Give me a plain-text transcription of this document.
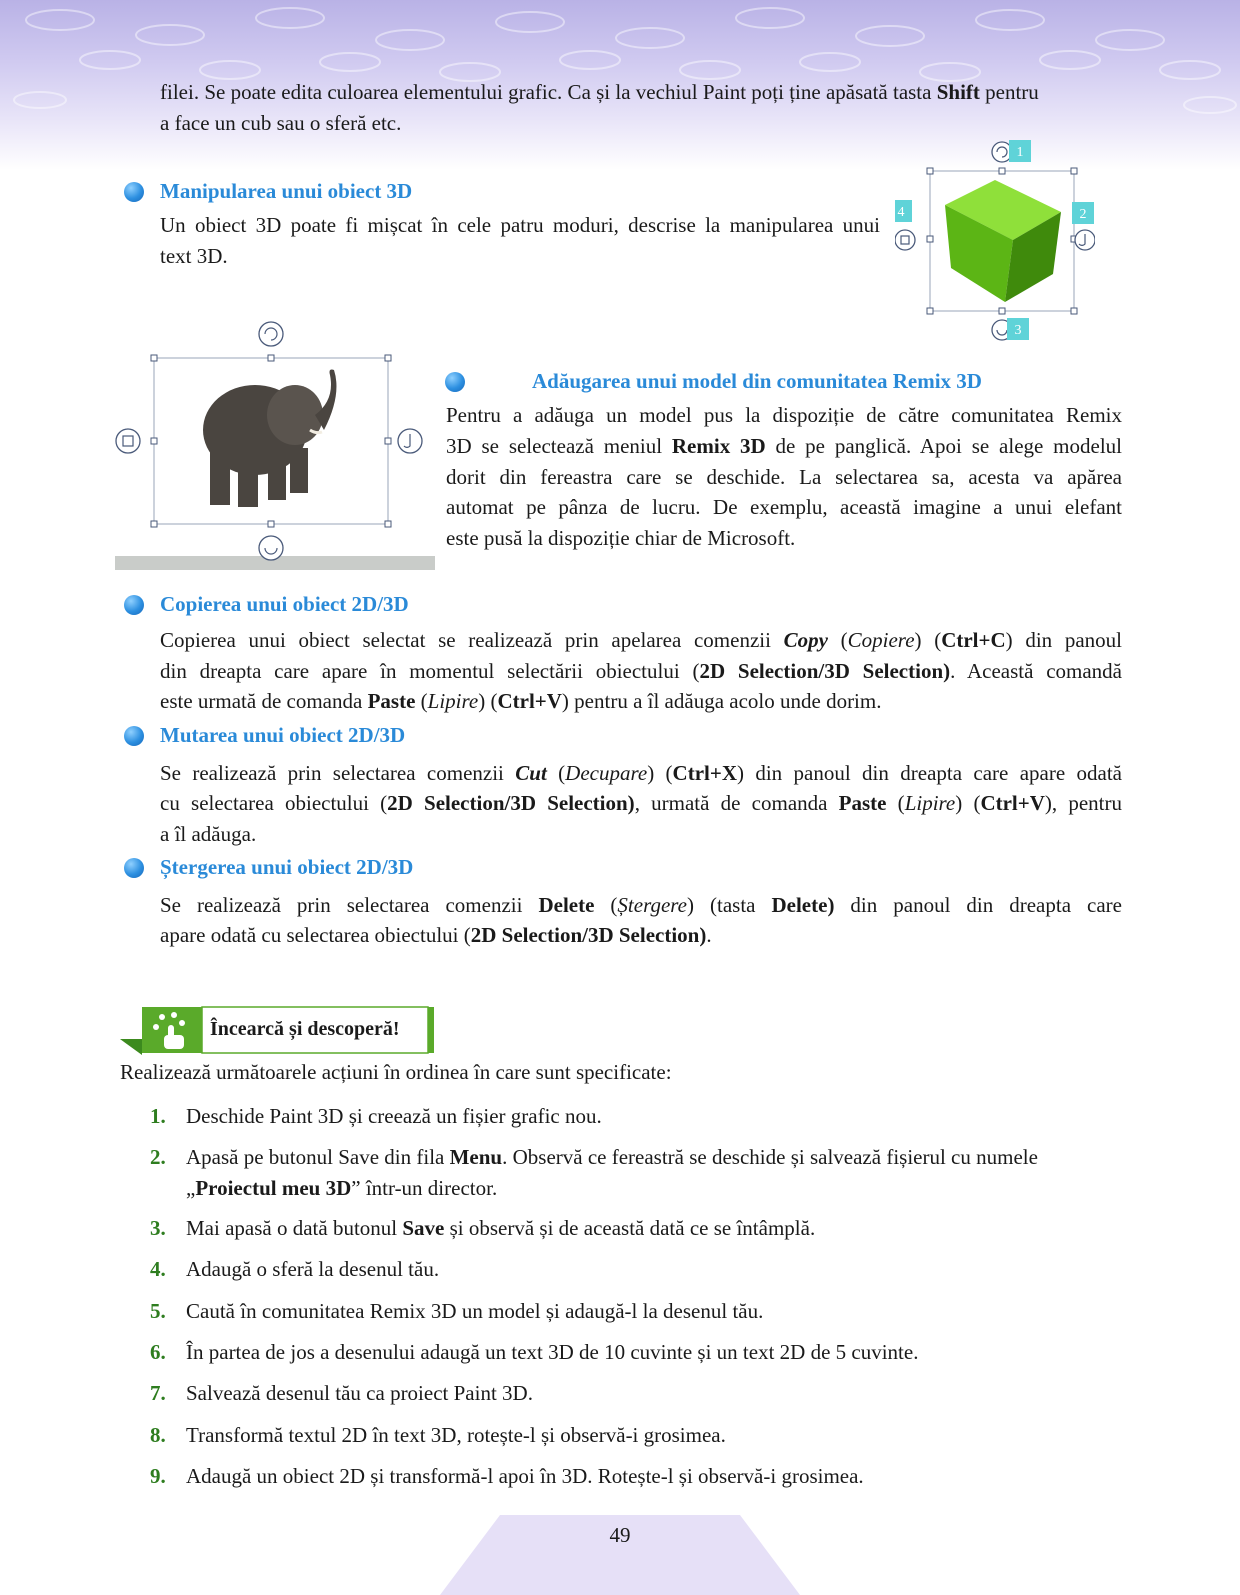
filei. Se poate edita culoarea elementului grafic. Ca și la vechiul Paint poți ține apăsată tasta Shift pentru
a face un cub sau o sferă etc.
Manipularea unui obiect 3D
Un obiect 3D poate fi mișcat în cele patru moduri, descrise la manipularea unui
text 3D.
1
2
3
4
Adăugarea unui model din comunitatea Remix 3D
Pentru a adăuga un model pus la dispoziție de către comunitatea Remix
3D se selectează meniul Remix 3D de pe panglică. Apoi se alege modelul
dorit din fereastra care se deschide. La selectarea sa, acesta va apărea
automat pe pânza de lucru. De exemplu, această imagine a unui elefant
este pusă la dispoziție chiar de Microsoft.
Copierea unui obiect 2D/3D
Copierea unui obiect selectat se realizează prin apelarea comenzii Copy (Copiere) (Ctrl+C) din panoul
din dreapta care apare în momentul selectării obiectului (2D Selection/3D Selection). Această comandă
este urmată de comanda Paste (Lipire) (Ctrl+V) pentru a îl adăuga acolo unde dorim.
Mutarea unui obiect 2D/3D
Se realizează prin selectarea comenzii Cut (Decupare) (Ctrl+X) din panoul din dreapta care apare odată
cu selectarea obiectului (2D Selection/3D Selection), urmată de comanda Paste (Lipire) (Ctrl+V), pentru
a îl adăuga.
Ștergerea unui obiect 2D/3D
Se realizează prin selectarea comenzii Delete (Ștergere) (tasta Delete) din panoul din dreapta care
apare odată cu selectarea obiectului (2D Selection/3D Selection).
Încearcă și descoperă!
Realizează următoarele acțiuni în ordinea în care sunt specificate:
1. Deschide Paint 3D și creează un fișier grafic nou.
2. Apasă pe butonul Save din fila Menu. Observă ce fereastră se deschide și salvează fișierul cu numele
„Proiectul meu 3D” într-un director.
3. Mai apasă o dată butonul Save și observă și de această dată ce se întâmplă.
4. Adaugă o sferă la desenul tău.
5. Caută în comunitatea Remix 3D un model și adaugă-l la desenul tău.
6. În partea de jos a desenului adaugă un text 3D de 10 cuvinte și un text 2D de 5 cuvinte.
7. Salvează desenul tău ca proiect Paint 3D.
8. Transformă textul 2D în text 3D, rotește-l și observă-i grosimea.
9. Adaugă un obiect 2D și transformă-l apoi în 3D. Rotește-l și observă-i grosimea.
49
